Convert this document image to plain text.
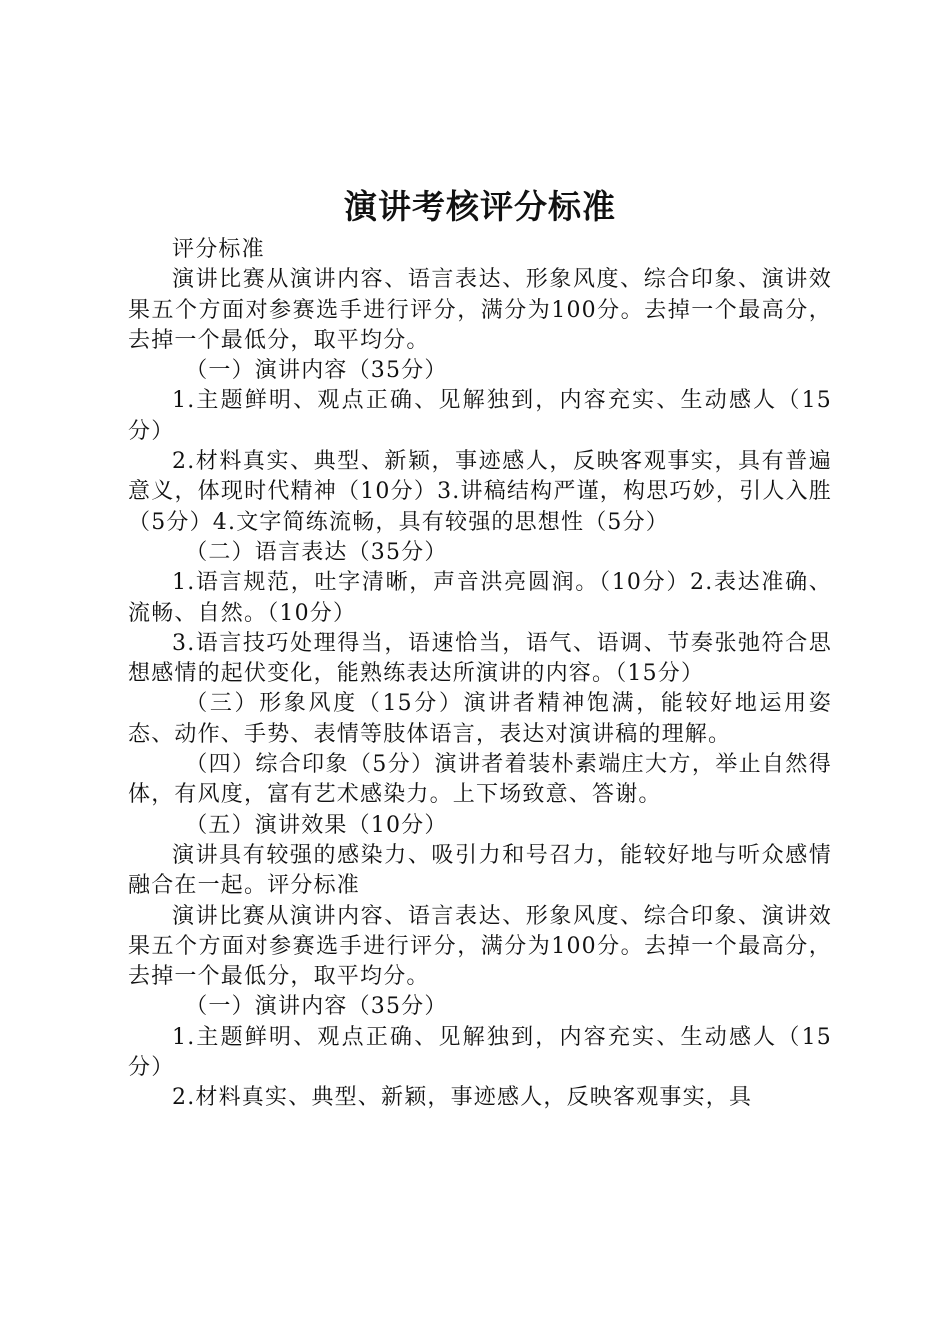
演讲考核评分标准

评分标准

演讲比赛从演讲内容、语言表达、形象风度、综合印象、演讲效果五个方面对参赛选手进行评分，满分为100分。去掉一个最高分，去掉一个最低分，取平均分。

（一）演讲内容（35分）

1.主题鲜明、观点正确、见解独到，内容充实、生动感人（15分）

2.材料真实、典型、新颖，事迹感人，反映客观事实，具有普遍意义，体现时代精神（10分）3.讲稿结构严谨，构思巧妙，引人入胜（5分）4.文字简练流畅，具有较强的思想性（5分）

（二）语言表达（35分）

1.语言规范，吐字清晰，声音洪亮圆润。（10分）2.表达准确、流畅、自然。（10分）

3.语言技巧处理得当，语速恰当，语气、语调、节奏张弛符合思想感情的起伏变化，能熟练表达所演讲的内容。（15分）

（三）形象风度（15分）演讲者精神饱满，能较好地运用姿态、动作、手势、表情等肢体语言，表达对演讲稿的理解。

（四）综合印象（5分）演讲者着装朴素端庄大方，举止自然得体，有风度，富有艺术感染力。上下场致意、答谢。

（五）演讲效果（10分）

演讲具有较强的感染力、吸引力和号召力，能较好地与听众感情融合在一起。评分标准

演讲比赛从演讲内容、语言表达、形象风度、综合印象、演讲效果五个方面对参赛选手进行评分，满分为100分。去掉一个最高分，去掉一个最低分，取平均分。

（一）演讲内容（35分）

1.主题鲜明、观点正确、见解独到，内容充实、生动感人（15分）

2.材料真实、典型、新颖，事迹感人，反映客观事实，具
